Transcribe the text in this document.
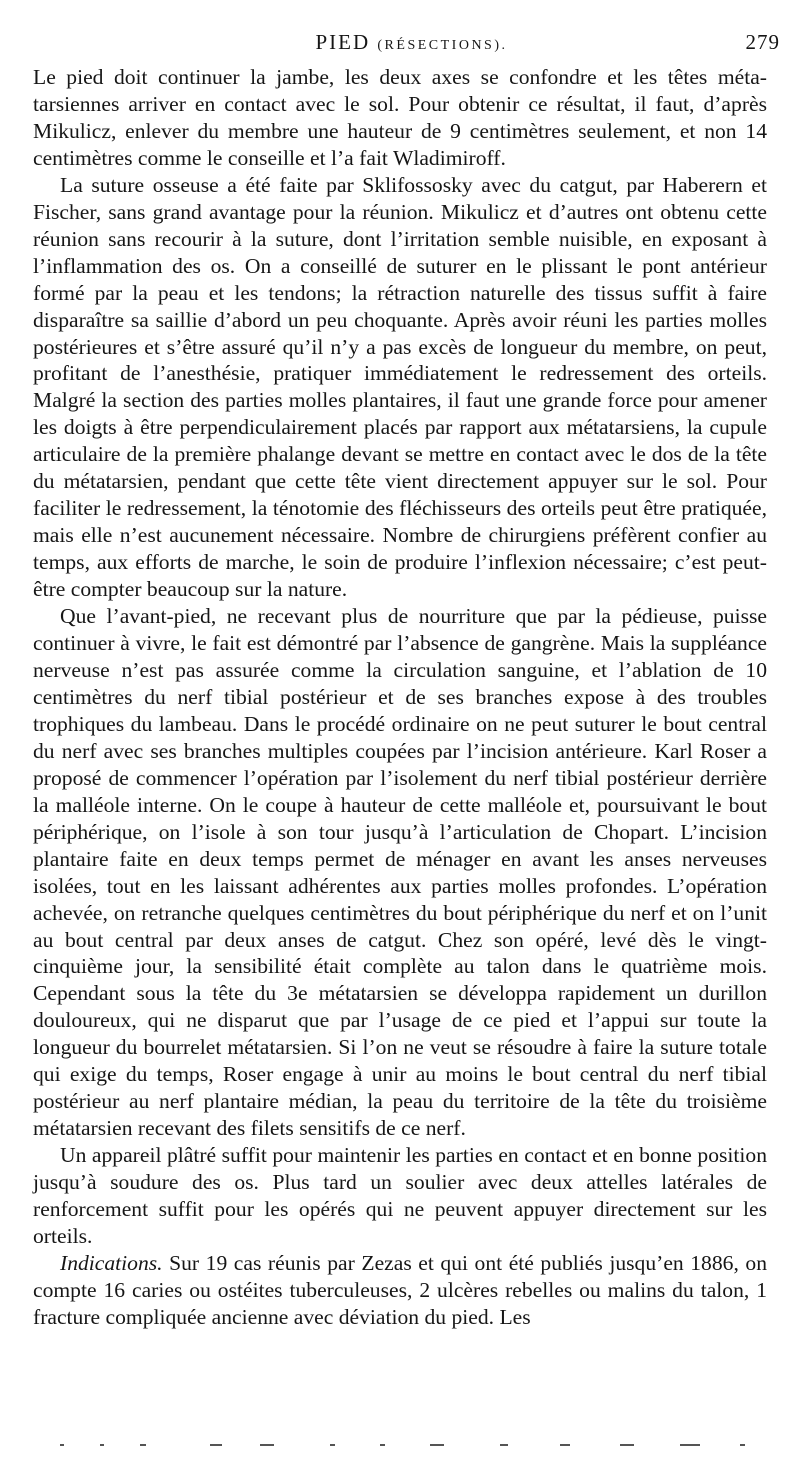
PIED (RÉSECTIONS).	279

Le pied doit continuer la jambe, les deux axes se confondre et les têtes métatarsiennes arriver en contact avec le sol. Pour obtenir ce résultat, il faut, d’après Mikulicz, enlever du membre une hauteur de 9 centimètres seulement, et non 14 centimètres comme le conseille et l’a fait Wladimiroff.

La suture osseuse a été faite par Sklifossosky avec du catgut, par Haberern et Fischer, sans grand avantage pour la réunion. Mikulicz et d’autres ont obtenu cette réunion sans recourir à la suture, dont l’irritation semble nuisible, en exposant à l’inflammation des os. On a conseillé de suturer en le plissant le pont antérieur formé par la peau et les tendons; la rétraction naturelle des tissus suffit à faire disparaître sa saillie d’abord un peu choquante. Après avoir réuni les parties molles postérieures et s’être assuré qu’il n’y a pas excès de longueur du membre, on peut, profitant de l’anesthésie, pratiquer immédiatement le redressement des orteils. Malgré la section des parties molles plantaires, il faut une grande force pour amener les doigts à être perpendiculairement placés par rapport aux métatarsiens, la cupule articulaire de la première phalange devant se mettre en contact avec le dos de la tête du métatarsien, pendant que cette tête vient directement appuyer sur le sol. Pour faciliter le redressement, la ténotomie des fléchisseurs des orteils peut être pratiquée, mais elle n’est aucunement nécessaire. Nombre de chirurgiens préfèrent confier au temps, aux efforts de marche, le soin de produire l’inflexion nécessaire; c’est peut-être compter beaucoup sur la nature.

Que l’avant-pied, ne recevant plus de nourriture que par la pédieuse, puisse continuer à vivre, le fait est démontré par l’absence de gangrène. Mais la suppléance nerveuse n’est pas assurée comme la circulation sanguine, et l’ablation de 10 centimètres du nerf tibial postérieur et de ses branches expose à des troubles trophiques du lambeau. Dans le procédé ordinaire on ne peut suturer le bout central du nerf avec ses branches multiples coupées par l’incision antérieure. Karl Roser a proposé de commencer l’opération par l’isolement du nerf tibial postérieur derrière la malléole interne. On le coupe à hauteur de cette malléole et, poursuivant le bout périphérique, on l’isole à son tour jusqu’à l’articulation de Chopart. L’incision plantaire faite en deux temps permet de ménager en avant les anses nerveuses isolées, tout en les laissant adhérentes aux parties molles profondes. L’opération achevée, on retranche quelques centimètres du bout périphérique du nerf et on l’unit au bout central par deux anses de catgut. Chez son opéré, levé dès le vingt-cinquième jour, la sensibilité était complète au talon dans le quatrième mois. Cependant sous la tête du 3e métatarsien se développa rapidement un durillon douloureux, qui ne disparut que par l’usage de ce pied et l’appui sur toute la longueur du bourrelet métatarsien. Si l’on ne veut se résoudre à faire la suture totale qui exige du temps, Roser engage à unir au moins le bout central du nerf tibial postérieur au nerf plantaire médian, la peau du territoire de la tête du troisième métatarsien recevant des filets sensitifs de ce nerf.

Un appareil plâtré suffit pour maintenir les parties en contact et en bonne position jusqu’à soudure des os. Plus tard un soulier avec deux attelles latérales de renforcement suffit pour les opérés qui ne peuvent appuyer directement sur les orteils.

Indications. Sur 19 cas réunis par Zezas et qui ont été publiés jusqu’en 1886, on compte 16 caries ou ostéites tuberculeuses, 2 ulcères rebelles ou malins du talon, 1 fracture compliquée ancienne avec déviation du pied. Les
